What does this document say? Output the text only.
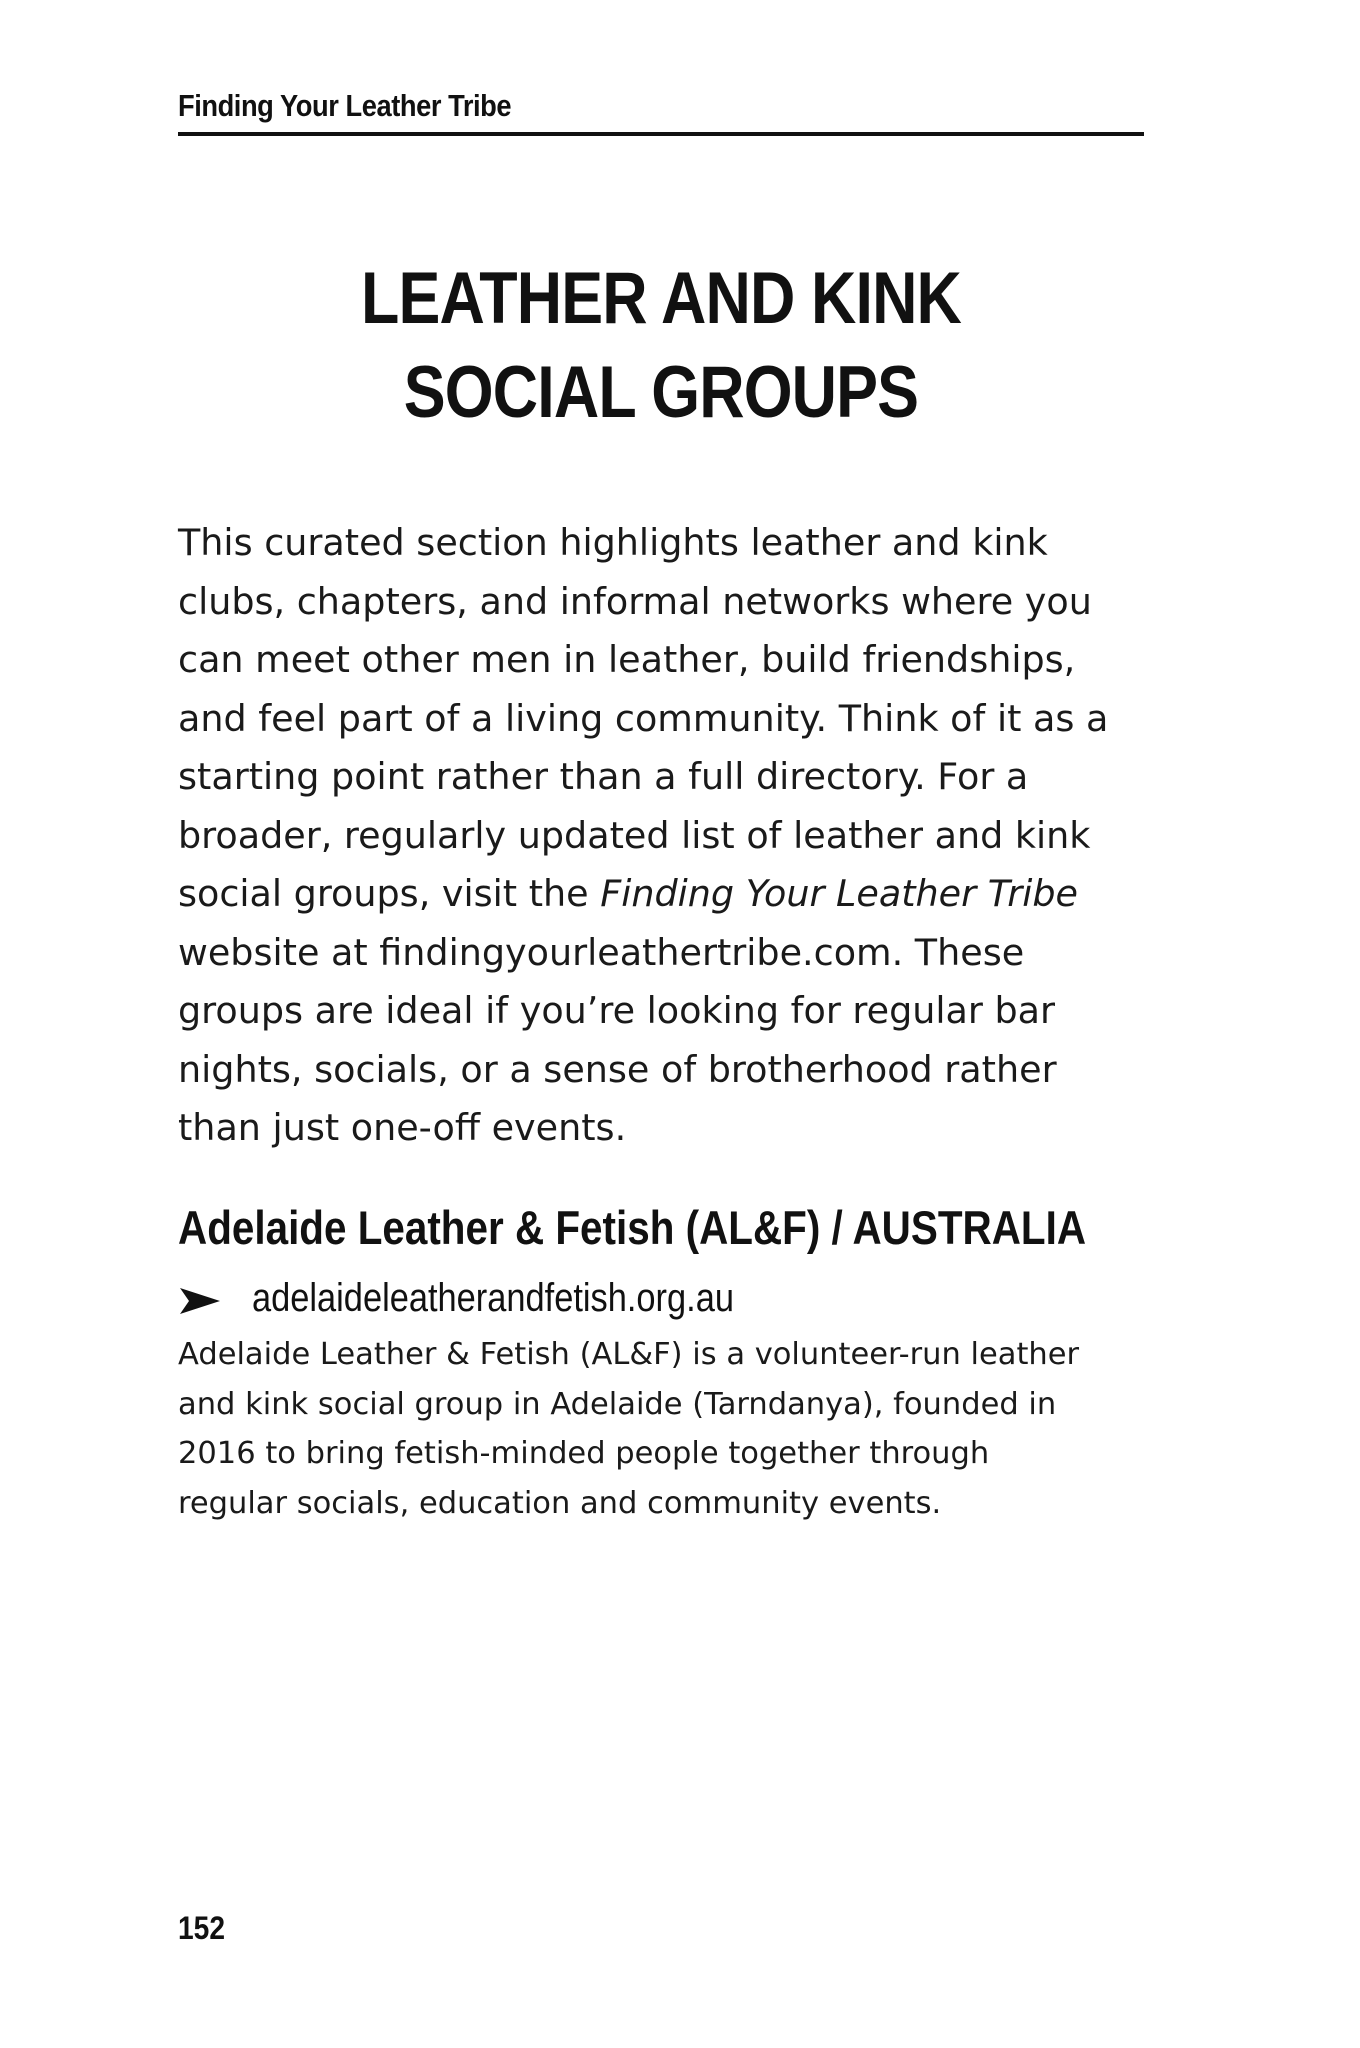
Finding Your Leather Tribe
LEATHER AND KINK
SOCIAL GROUPS

This curated section highlights leather and kink
clubs, chapters, and informal networks where you
can meet other men in leather, build friendships,
and feel part of a living community. Think of it as a
starting point rather than a full directory. For a
broader, regularly updated list of leather and kink
social groups, visit the Finding Your Leather Tribe
website at findingyourleathertribe.com. These
groups are ideal if you’re looking for regular bar
nights, socials, or a sense of brotherhood rather
than just one-off events.

Adelaide Leather & Fetish (AL&F) / AUSTRALIA
adelaideleatherandfetish.org.au

Adelaide Leather & Fetish (AL&F) is a volunteer-run leather
and kink social group in Adelaide (Tarndanya), founded in
2016 to bring fetish-minded people together through
regular socials, education and community events.

152
